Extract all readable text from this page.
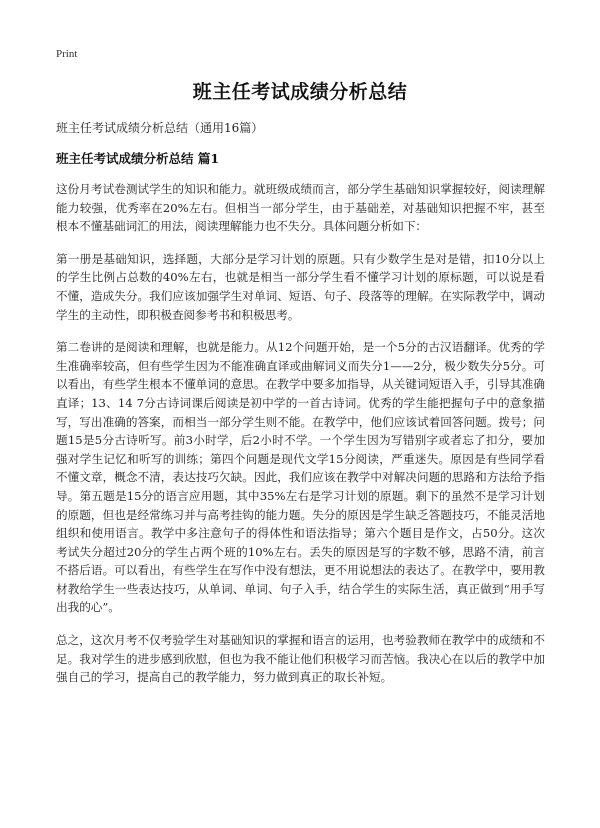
Print
班主任考试成绩分析总结
班主任考试成绩分析总结（通用16篇）
班主任考试成绩分析总结 篇1

这份月考试卷测试学生的知识和能力。就班级成绩而言，部分学生基础知识掌握较好，阅读理解能力较强，优秀率在20%左右。但相当一部分学生，由于基础差，对基础知识把握不牢，甚至根本不懂基础词汇的用法，阅读理解能力也不失分。具体问题分析如下：

第一册是基础知识，选择题，大部分是学习计划的原题。只有少数学生是对是错，扣10分以上的学生比例占总数的40%左右，也就是相当一部分学生看不懂学习计划的原标题，可以说是看不懂，造成失分。我们应该加强学生对单词、短语、句子、段落等的理解。在实际教学中，调动学生的主动性，即积极查阅参考书和积极思考。

第二卷讲的是阅读和理解，也就是能力。从12个问题开始，是一个5分的古汉语翻译。优秀的学生准确率较高，但有些学生因为不能准确直译或曲解词义而失分1——2分，极少数失分5分。可以看出，有些学生根本不懂单词的意思。在教学中要多加指导，从关键词短语入手，引导其准确直译；13、14 7分古诗词课后阅读是初中学的一首古诗词。优秀的学生能把握句子中的意象描写，写出准确的答案，而相当一部分学生则不能。在教学中，他们应该试着回答问题。拨号；问题15是5分古诗听写。前3小时学，后2小时不学。一个学生因为写错别字或者忘了扣分，要加强对学生记忆和听写的训练；第四个问题是现代文学15分阅读，严重迷失。原因是有些同学看不懂文章，概念不清，表达技巧欠缺。因此，我们应该在教学中对解决问题的思路和方法给予指导。第五题是15分的语言应用题，其中35%左右是学习计划的原题。剩下的虽然不是学习计划的原题，但也是经常练习并与高考挂钩的能力题。失分的原因是学生缺乏答题技巧，不能灵活地组织和使用语言。教学中多注意句子的得体性和语法指导；第六个题目是作文，占50分。这次考试失分超过20分的学生占两个班的10%左右。丢失的原因是写的字数不够，思路不清，前言不搭后语。可以看出，有些学生在写作中没有想法，更不用说想法的表达了。在教学中，要用教材教给学生一些表达技巧，从单词、单词、句子入手，结合学生的实际生活，真正做到“用手写出我的心”。

总之，这次月考不仅考验学生对基础知识的掌握和语言的运用，也考验教师在教学中的成绩和不足。我对学生的进步感到欣慰，但也为我不能让他们积极学习而苦恼。我决心在以后的教学中加强自己的学习，提高自己的教学能力，努力做到真正的取长补短。
